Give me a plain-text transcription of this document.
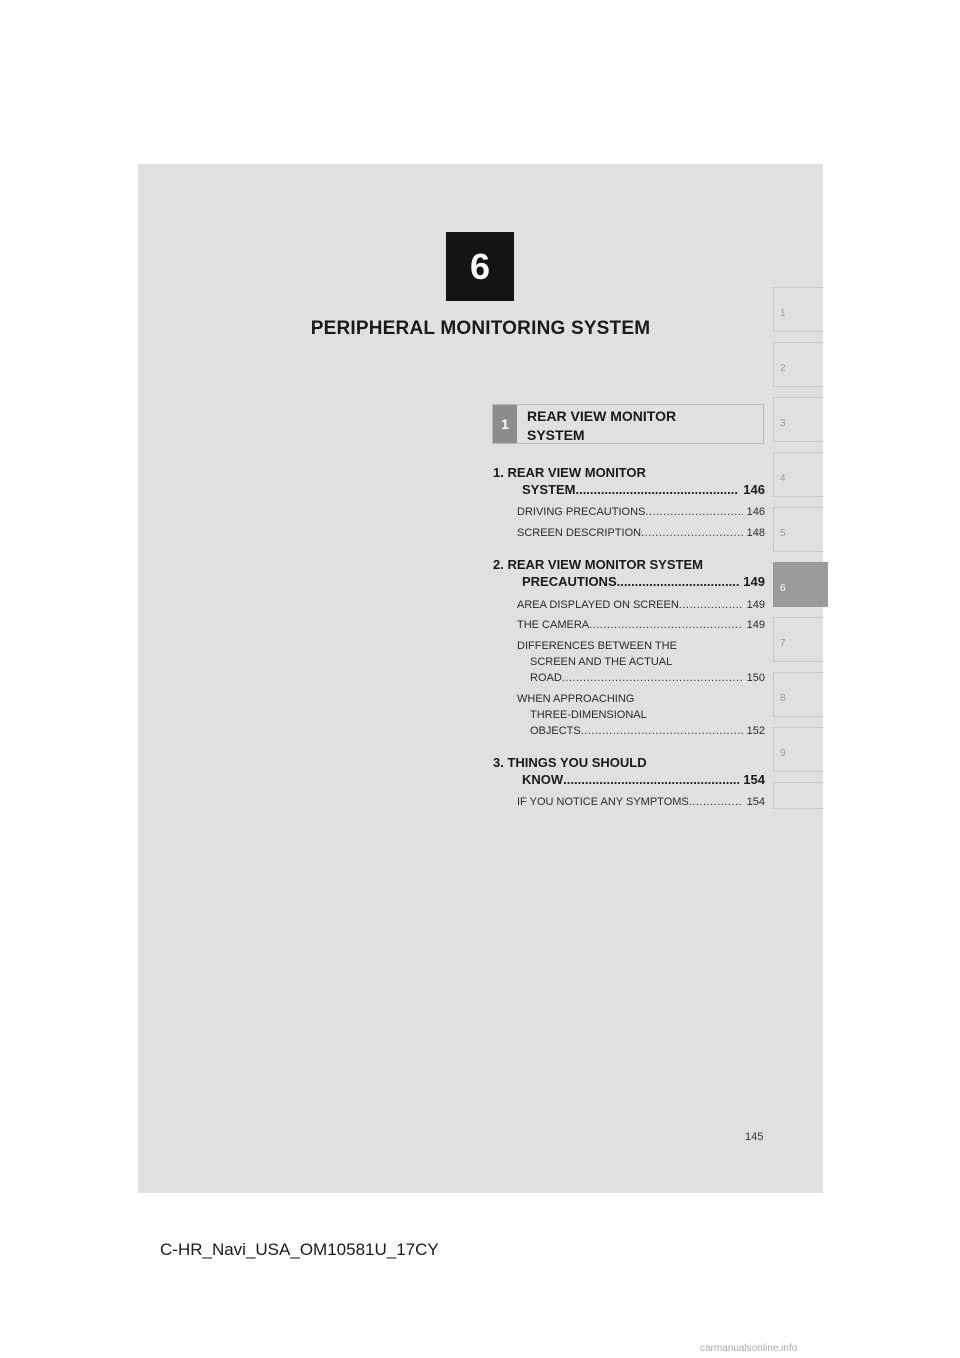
6
PERIPHERAL MONITORING SYSTEM
1
2
3
4
5
6
7
8
9
1	REAR VIEW MONITOR
SYSTEM
1. REAR VIEW MONITOR
SYSTEM .....	146
DRIVING PRECAUTIONS .....	146
SCREEN DESCRIPTION .....	148
2. REAR VIEW MONITOR SYSTEM
PRECAUTIONS .....	149
AREA DISPLAYED ON SCREEN .....	149
THE CAMERA .....	149
DIFFERENCES BETWEEN THE
SCREEN AND THE ACTUAL
ROAD .....	150
WHEN APPROACHING
THREE-DIMENSIONAL
OBJECTS .....	152
3. THINGS YOU SHOULD
KNOW .....	154
IF YOU NOTICE ANY SYMPTOMS .....	154
145
C-HR_Navi_USA_OM10581U_17CY
carmanualsonline.info
